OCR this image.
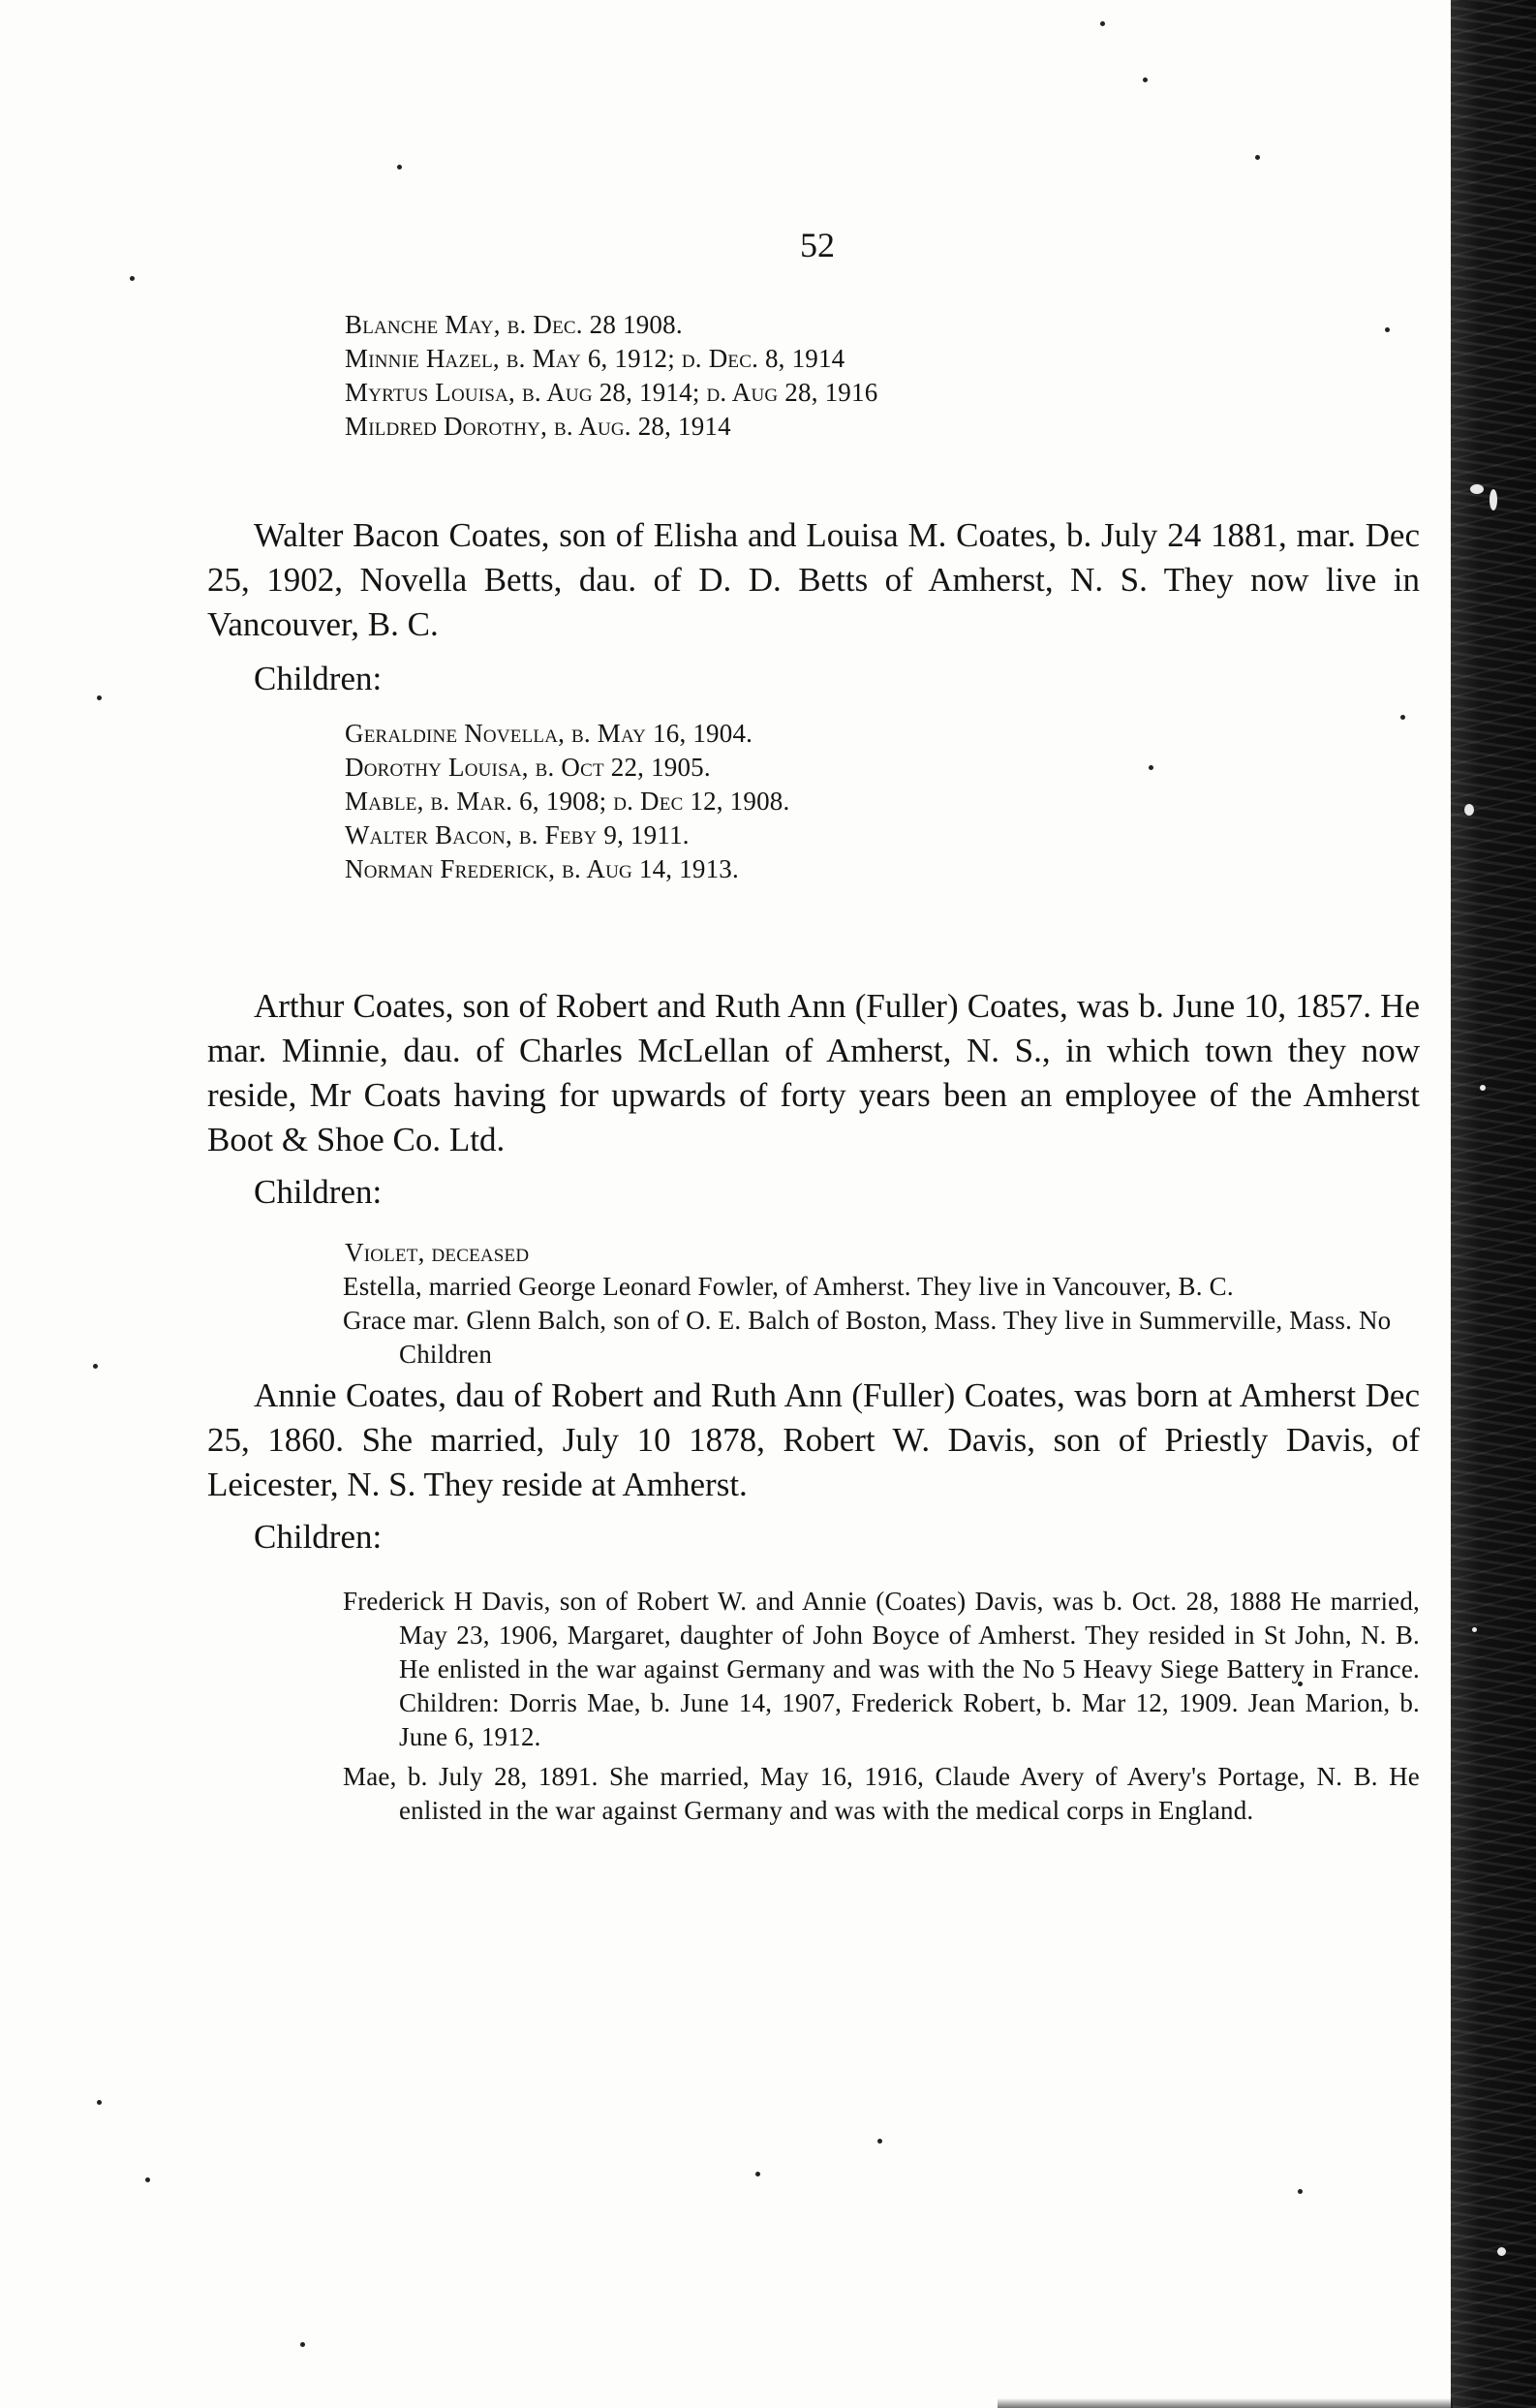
52
Blanche May, b. Dec. 28 1908.
Minnie Hazel, b. May 6, 1912; d. Dec. 8, 1914
Myrtus Louisa, b. Aug 28, 1914; d. Aug 28, 1916
Mildred Dorothy, b. Aug. 28, 1914
Walter Bacon Coates, son of Elisha and Louisa M. Coates, b. July 24 1881, mar. Dec 25, 1902, Novella Betts, dau. of D. D. Betts of Amherst, N. S. They now live in Vancouver, B. C.
Children:
Geraldine Novella, b. May 16, 1904.
Dorothy Louisa, b. Oct 22, 1905.
Mable, b. Mar. 6, 1908; d. Dec 12, 1908.
Walter Bacon, b. Feby 9, 1911.
Norman Frederick, b. Aug 14, 1913.
Arthur Coates, son of Robert and Ruth Ann (Fuller) Coates, was b. June 10, 1857. He mar. Minnie, dau. of Charles McLellan of Amherst, N. S., in which town they now reside, Mr Coats having for upwards of forty years been an employee of the Amherst Boot & Shoe Co. Ltd.
Children:
Violet, deceased
Estella, married George Leonard Fowler, of Amherst. They live in Vancouver, B. C.
Grace mar. Glenn Balch, son of O. E. Balch of Boston, Mass. They live in Summerville, Mass. No Children
Annie Coates, dau of Robert and Ruth Ann (Fuller) Coates, was born at Amherst Dec 25, 1860. She married, July 10 1878, Robert W. Davis, son of Priestly Davis, of Leicester, N. S. They reside at Amherst.
Children:
Frederick H Davis, son of Robert W. and Annie (Coates) Davis, was b. Oct. 28, 1888 He married, May 23, 1906, Margaret, daughter of John Boyce of Amherst. They resided in St John, N. B. He enlisted in the war against Germany and was with the No 5 Heavy Siege Battery in France. Children: Dorris Mae, b. June 14, 1907, Frederick Robert, b. Mar 12, 1909. Jean Marion, b. June 6, 1912.
Mae, b. July 28, 1891. She married, May 16, 1916, Claude Avery of Avery's Portage, N. B. He enlisted in the war against Germany and was with the medical corps in England.
